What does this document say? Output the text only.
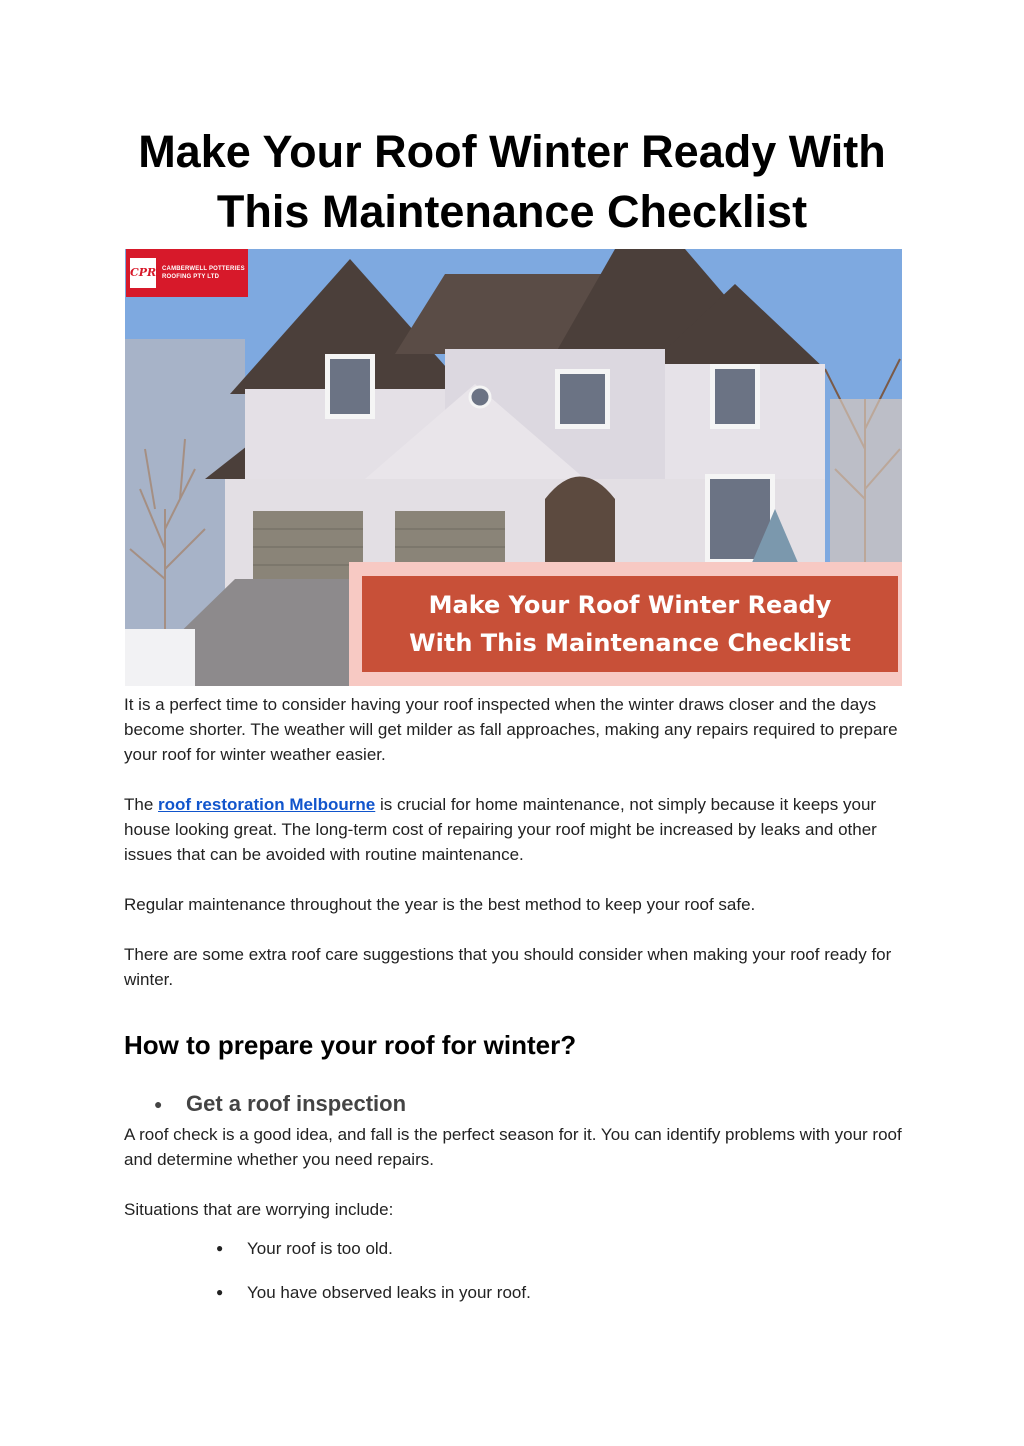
Make Your Roof Winter Ready With
This Maintenance Checklist
CPR CAMBERWELL POTTERIES
ROOFING PTY LTD
Make Your Roof Winter Ready
With This Maintenance Checklist

It is a perfect time to consider having your roof inspected when the winter draws closer and the days become shorter. The weather will get milder as fall approaches, making any repairs required to prepare your roof for winter weather easier.

The roof restoration Melbourne is crucial for home maintenance, not simply because it keeps your house looking great. The long-term cost of repairing your roof might be increased by leaks and other issues that can be avoided with routine maintenance.

Regular maintenance throughout the year is the best method to keep your roof safe.

There are some extra roof care suggestions that you should consider when making your roof ready for winter.

How to prepare your roof for winter?
●	Get a roof inspection

A roof check is a good idea, and fall is the perfect season for it. You can identify problems with your roof and determine whether you need repairs.

Situations that are worrying include:

●	Your roof is too old.
●	You have observed leaks in your roof.
